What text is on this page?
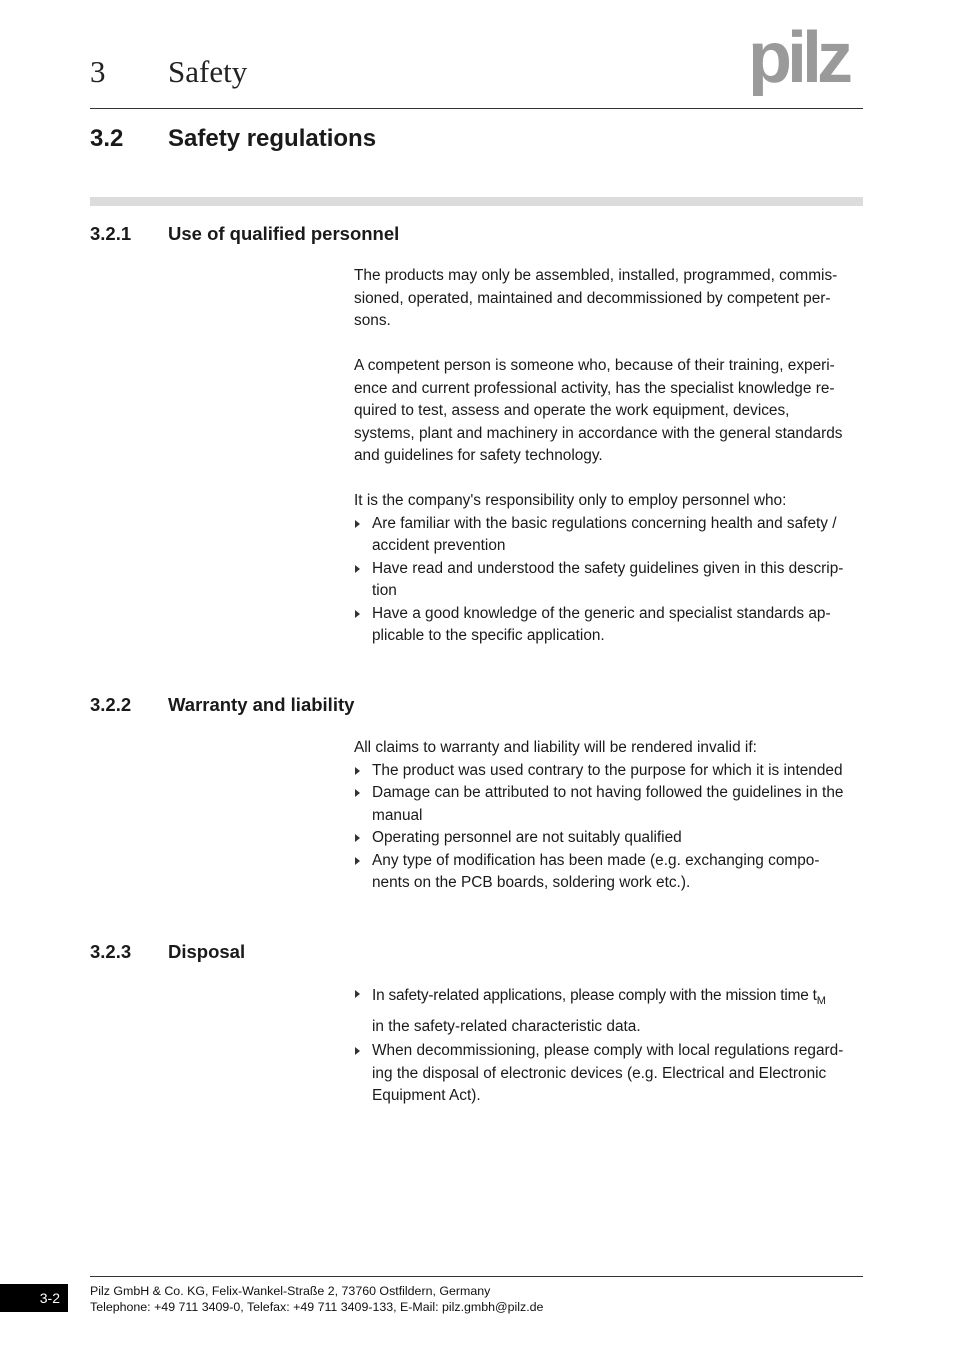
3 Safety	pilz
3.2 Safety regulations
3.2.1 Use of qualified personnel

The products may only be assembled, installed, programmed, commis-
sioned, operated, maintained and decommissioned by competent per-
sons.

A competent person is someone who, because of their training, experi-
ence and current professional activity, has the specialist knowledge re-
quired to test, assess and operate the work equipment, devices,
systems, plant and machinery in accordance with the general standards
and guidelines for safety technology.

It is the company's responsibility only to employ personnel who:

Are familiar with the basic regulations concerning health and safety /
accident prevention
Have read and understood the safety guidelines given in this descrip-
tion
Have a good knowledge of the generic and specialist standards ap-
plicable to the specific application.
3.2.2 Warranty and liability

All claims to warranty and liability will be rendered invalid if:

The product was used contrary to the purpose for which it is intended
Damage can be attributed to not having followed the guidelines in the
manual
Operating personnel are not suitably qualified
Any type of modification has been made (e.g. exchanging compo-
nents on the PCB boards, soldering work etc.).
3.2.3 Disposal
In safety-related applications, please comply with the mission time $t_M$
in the safety-related characteristic data.
When decommissioning, please comply with local regulations regard-
ing the disposal of electronic devices (e.g. Electrical and Electronic
Equipment Act).
3-2	Pilz GmbH & Co. KG, Felix-Wankel-Straße 2, 73760 Ostfildern, Germany
Telephone: +49 711 3409-0, Telefax: +49 711 3409-133, E-Mail: pilz.gmbh@pilz.de
